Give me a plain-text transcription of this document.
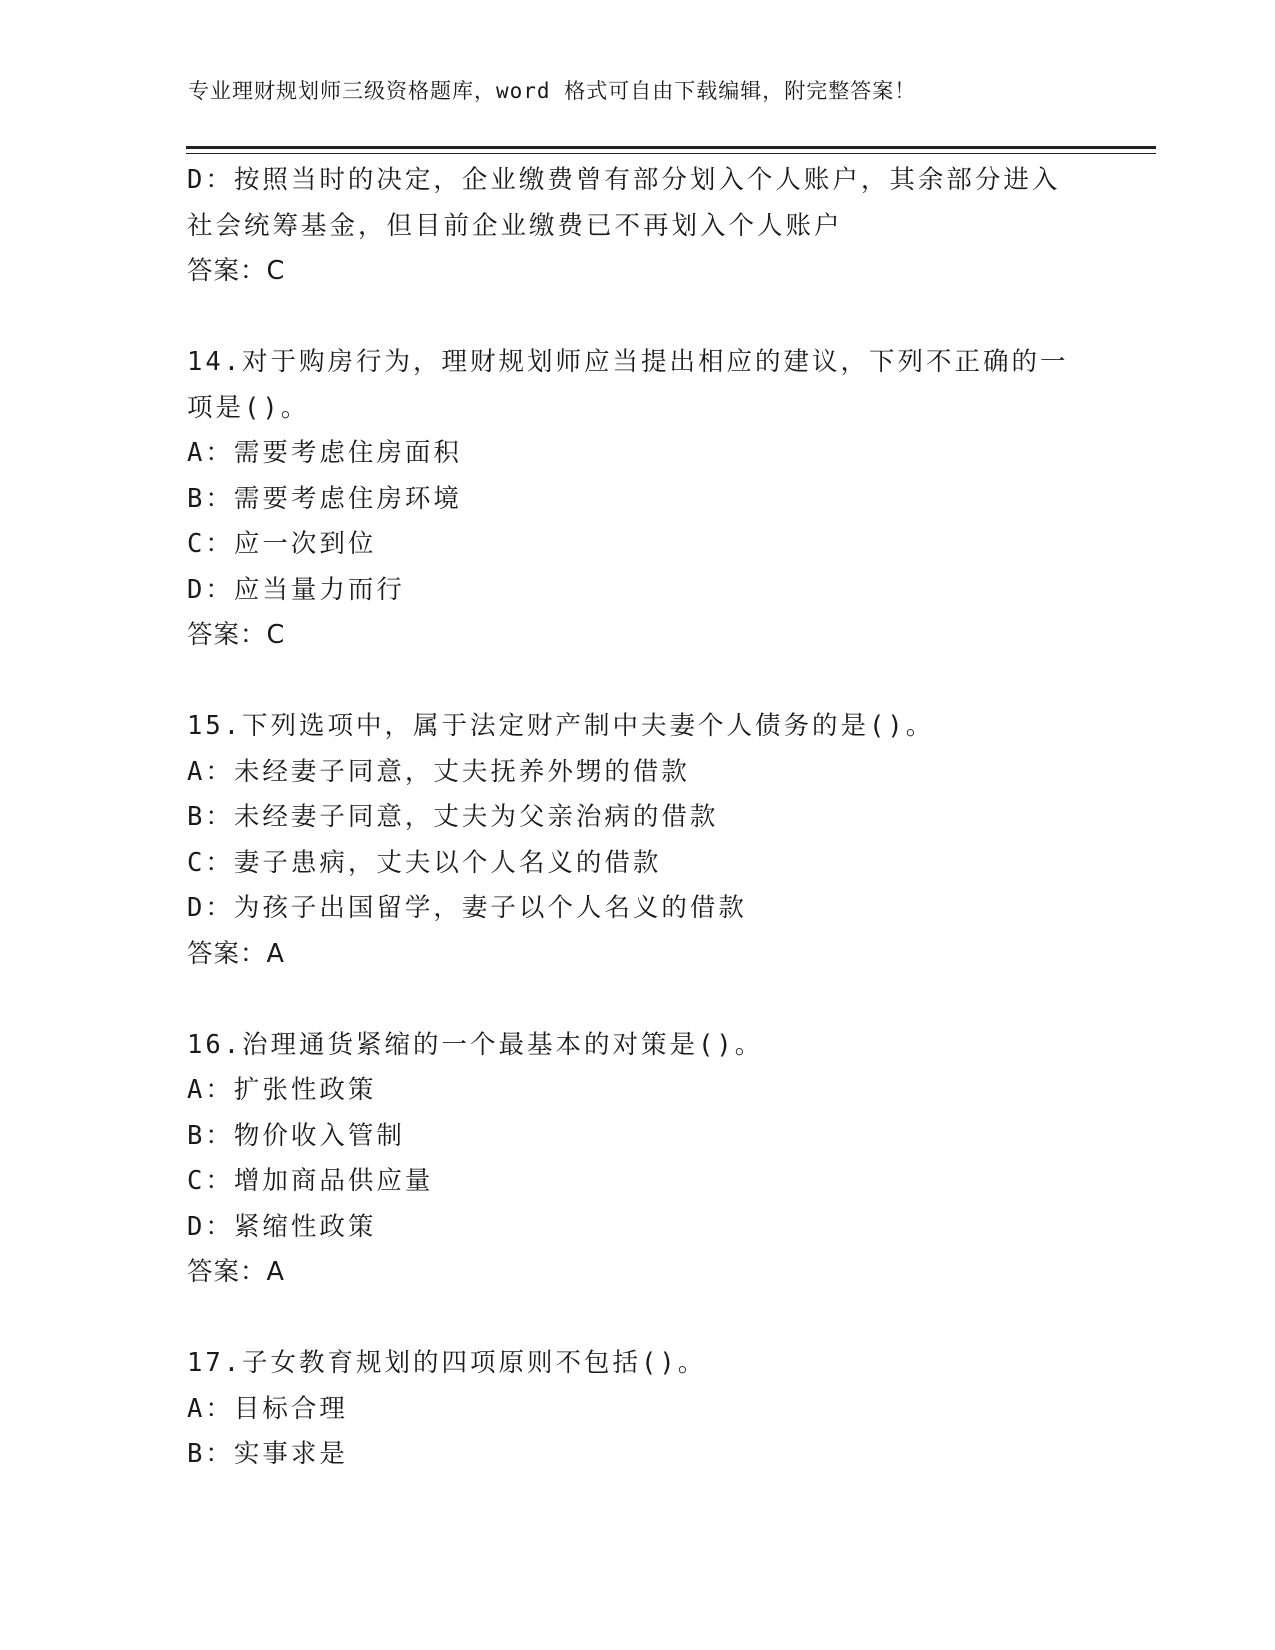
专业理财规划师三级资格题库，word 格式可自由下载编辑，附完整答案！
D：按照当时的决定，企业缴费曾有部分划入个人账户，其余部分进入
社会统筹基金，但目前企业缴费已不再划入个人账户
答案：C
14.对于购房行为，理财规划师应当提出相应的建议，下列不正确的一
项是()。
A：需要考虑住房面积
B：需要考虑住房环境
C：应一次到位
D：应当量力而行
答案：C
15.下列选项中，属于法定财产制中夫妻个人债务的是()。
A：未经妻子同意，丈夫抚养外甥的借款
B：未经妻子同意，丈夫为父亲治病的借款
C：妻子患病，丈夫以个人名义的借款
D：为孩子出国留学，妻子以个人名义的借款
答案：A
16.治理通货紧缩的一个最基本的对策是()。
A：扩张性政策
B：物价收入管制
C：增加商品供应量
D：紧缩性政策
答案：A
17.子女教育规划的四项原则不包括()。
A：目标合理
B：实事求是
